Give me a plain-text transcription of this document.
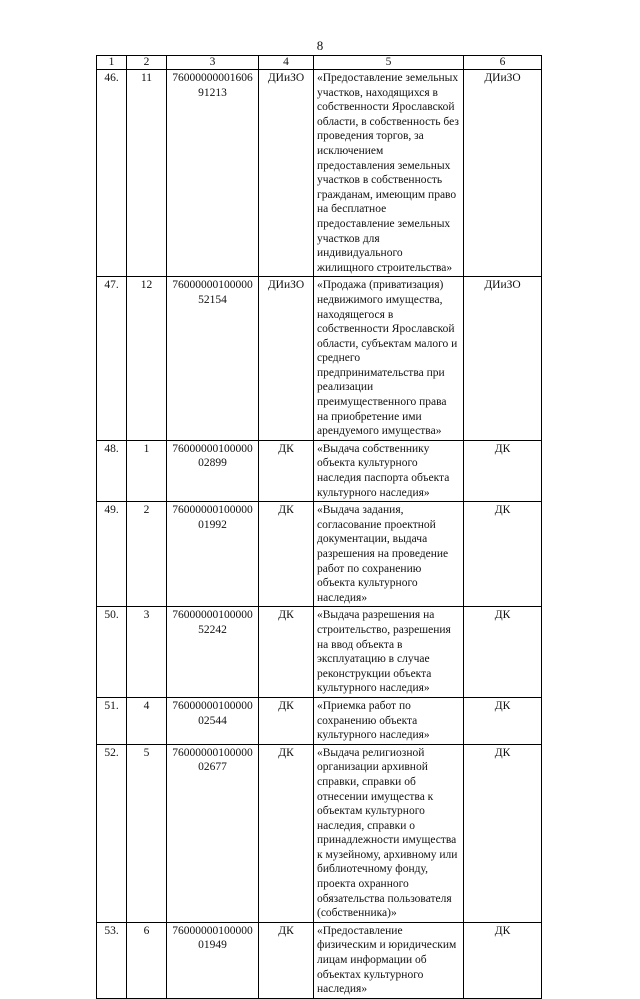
8
1	2	3	4	5	6
46.	11	7600000000160691213	ДИиЗО	«Предоставление земельных участков, находящихся в собственности Ярославской области, в собственность без проведения торгов, за исключением предоставления земельных участков в собственность гражданам, имеющим право на бесплатное предоставление земельных участков для индивидуального жилищного строительства»	ДИиЗО
47.	12	7600000010000052154	ДИиЗО	«Продажа (приватизация) недвижимого имущества, находящегося в собственности Ярославской области, субъектам малого и среднего предпринимательства при реализации преимущественного права на приобретение ими арендуемого имущества»	ДИиЗО
48.	1	7600000010000002899	ДК	«Выдача собственнику объекта культурного наследия паспорта объекта культурного наследия»	ДК
49.	2	7600000010000001992	ДК	«Выдача задания, согласование проектной документации, выдача разрешения на проведение работ по сохранению объекта культурного наследия»	ДК
50.	3	7600000010000052242	ДК	«Выдача разрешения на строительство, разрешения на ввод объекта в эксплуатацию в случае реконструкции объекта культурного наследия»	ДК
51.	4	7600000010000002544	ДК	«Приемка работ по сохранению объекта культурного наследия»	ДК
52.	5	7600000010000002677	ДК	«Выдача религиозной организации архивной справки, справки об отнесении имущества к объектам культурного наследия, справки о принадлежности имущества к музейному, архивному или библиотечному фонду, проекта охранного обязательства пользователя (собственника)»	ДК
53.	6	7600000010000001949	ДК	«Предоставление физическим и юридическим лицам информации об объектах культурного наследия»	ДК
